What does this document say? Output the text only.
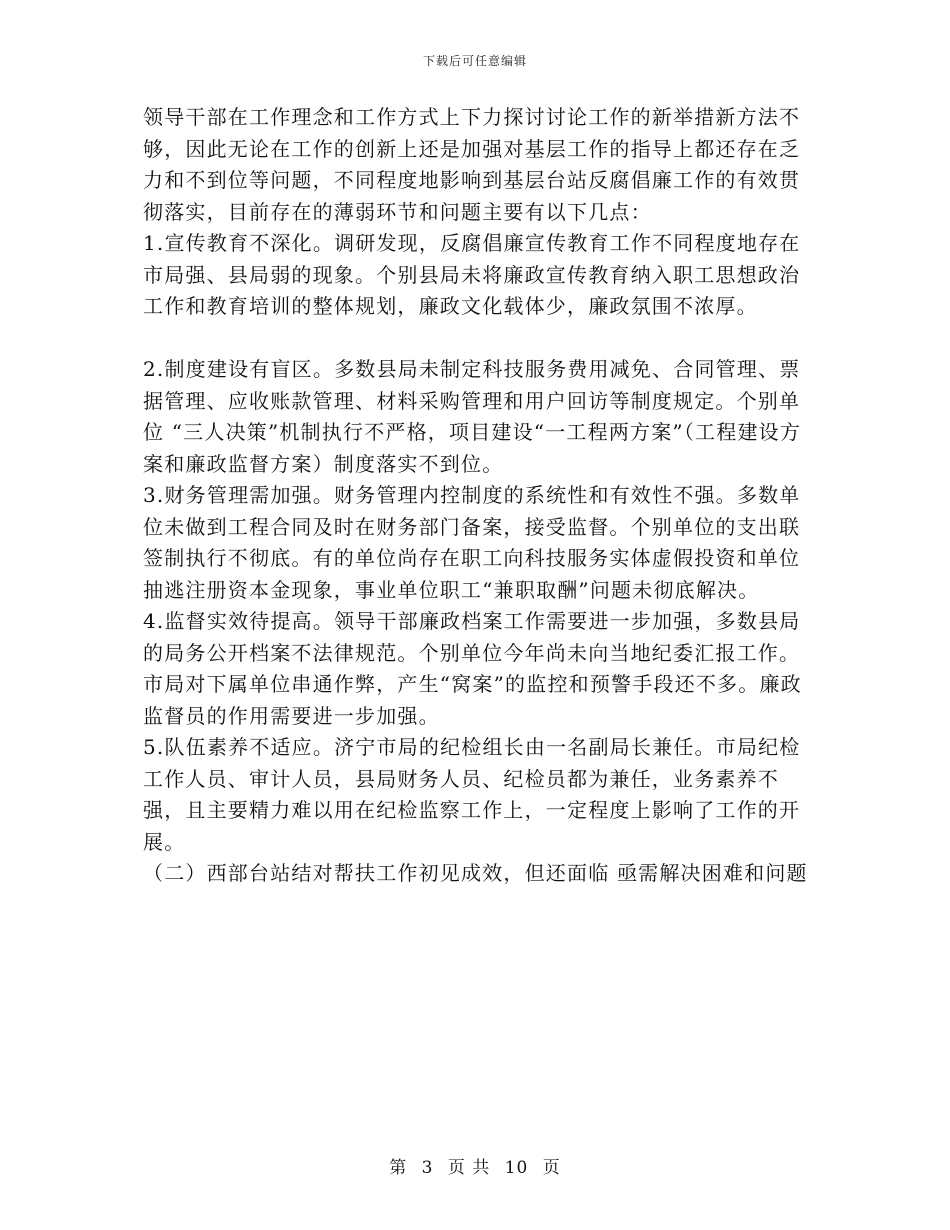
下载后可任意编辑

领导干部在工作理念和工作方式上下力探讨讨论工作的新举措新方法不够，因此无论在工作的创新上还是加强对基层工作的指导上都还存在乏力和不到位等问题，不同程度地影响到基层台站反腐倡廉工作的有效贯彻落实，目前存在的薄弱环节和问题主要有以下几点：

1.宣传教育不深化。调研发现，反腐倡廉宣传教育工作不同程度地存在市局强、县局弱的现象。个别县局未将廉政宣传教育纳入职工思想政治工作和教育培训的整体规划，廉政文化载体少，廉政氛围不浓厚。

2.制度建设有盲区。多数县局未制定科技服务费用减免、合同管理、票据管理、应收账款管理、材料采购管理和用户回访等制度规定。个别单位 “三人决策”机制执行不严格，项目建设“一工程两方案”（工程建设方案和廉政监督方案）制度落实不到位。

3.财务管理需加强。财务管理内控制度的系统性和有效性不强。多数单位未做到工程合同及时在财务部门备案，接受监督。个别单位的支出联签制执行不彻底。有的单位尚存在职工向科技服务实体虚假投资和单位抽逃注册资本金现象，事业单位职工“兼职取酬”问题未彻底解决。

4.监督实效待提高。领导干部廉政档案工作需要进一步加强，多数县局的局务公开档案不法律规范。个别单位今年尚未向当地纪委汇报工作。市局对下属单位串通作弊，产生“窝案”的监控和预警手段还不多。廉政监督员的作用需要进一步加强。

5.队伍素养不适应。济宁市局的纪检组长由一名副局长兼任。市局纪检工作人员、审计人员，县局财务人员、纪检员都为兼任，业务素养不强，且主要精力难以用在纪检监察工作上，一定程度上影响了工作的开展。

（二）西部台站结对帮扶工作初见成效，但还面临 亟需解决困难和问题

第 3 页 共 10 页
